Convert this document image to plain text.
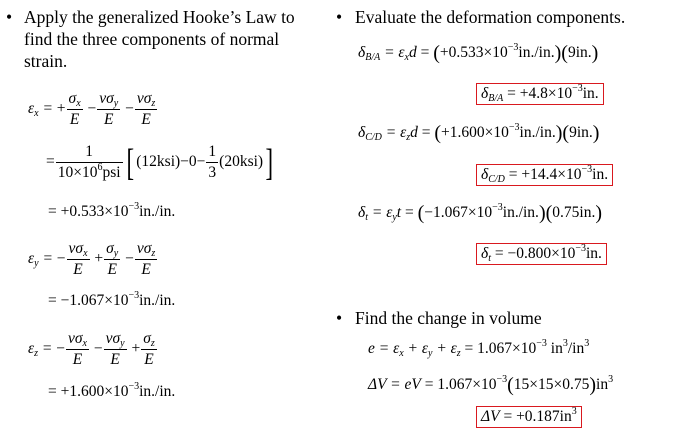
• Apply the generalized Hooke’s Law to
find the three components of normal
strain.
$\varepsilon_x$ = + $\frac{\sigma_x}{E} - \frac{\nu\sigma_y}{E} - \frac{\nu\sigma_z}{E}$
= $\frac{1}{10\times 10^6psi}$ [ $(12ksi)-0- \frac{1}{3} (20ksi)$]
= $+0.533\times 10^{-3}in./in$.
$\varepsilon_y$ = − $\frac{\nu\sigma_x}{E} + \frac{\sigma_y}{E} - \frac{\nu\sigma_z}{E}$
= $-1.067\times 10^{-3}in./in$.
$\varepsilon_z$ = − $\frac{\nu\sigma_x}{E} - \frac{\nu\sigma_y}{E} + \frac{\sigma_z}{E}$
= $+1.600\times 10^{-3}in./in$.
• Evaluate the deformation components.
$\delta_{B/A} = \varepsilon_xd = (+0.533\times 10^{-3}in./in.)(9in.)$
$\delta_{B/A} = +4.8\times 10^{-3}in$.
$\delta_{C/D} = \varepsilon_zd = (+1.600\times 10^{-3}in./in.)(9in.)$
$\delta_{C/D} = +14.4\times 10^{-3}in$.
$\delta_t = \varepsilon_yt = (-1.067\times 10^{-3}in./in.)(0.75in.)$
$\delta_t = -0.800\times 10^{-3}in$.
• Find the change in volume
$e = \varepsilon_x + \varepsilon_y + \varepsilon_z = 1.067\times 10^{-3}$ $in^3/in^3$
ΔV = eV = $1.067\times 10^{-3}(15\times 15\times 0.75)in^3$
$\Delta V = +0.187in^3$
